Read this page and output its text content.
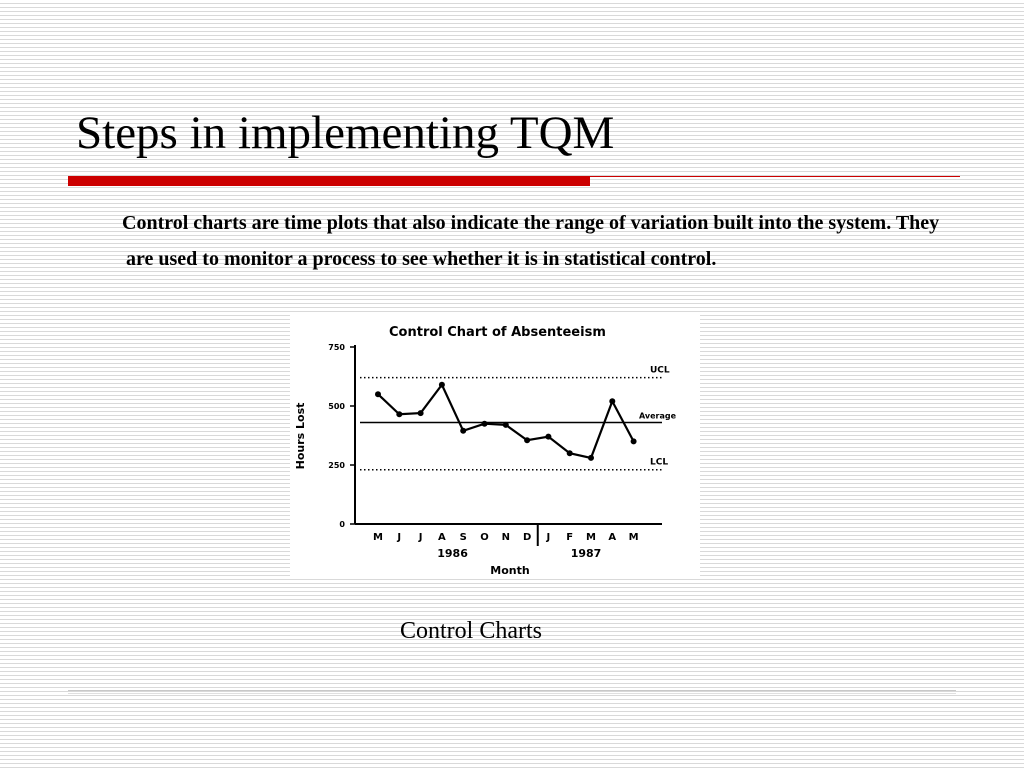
Steps in implementing TQM
Control charts are time plots that also indicate the range of variation built into the system. They are used to monitor a process to see whether it is in statistical control.
Control Chart of Absenteeism
0
250
500
750
Hours Lost
UCL
Average
LCL
M J J A S O N D J F M A M
1986	1987
Month
Control Charts
